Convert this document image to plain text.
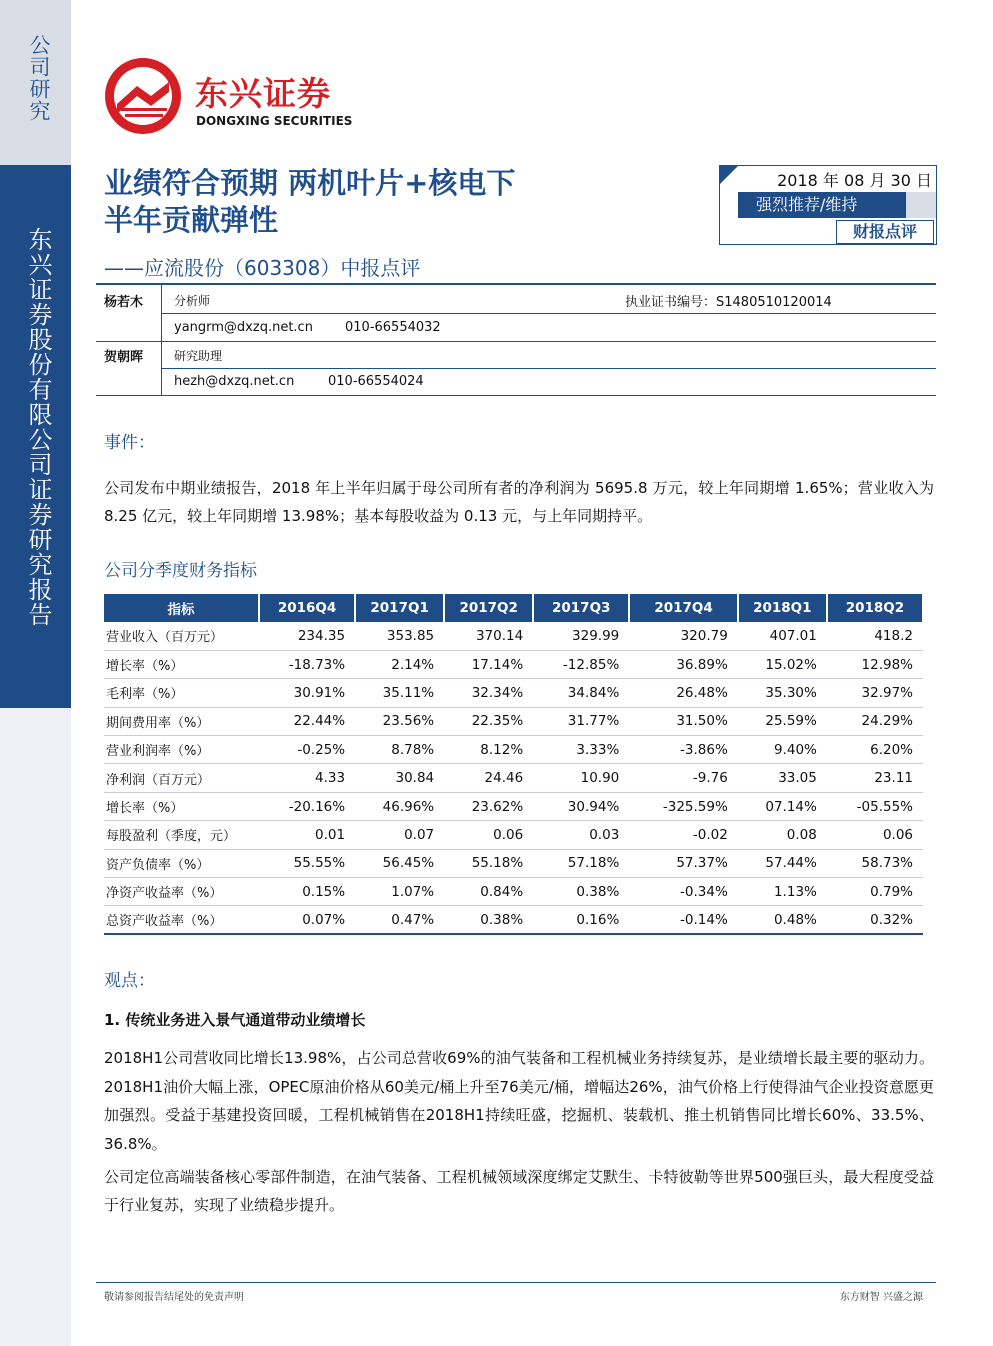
公司研究
东兴证券股份有限公司证券研究报告
东兴证券
DONGXING SECURITIES
业绩符合预期 两机叶片+核电下
半年贡献弹性
——应流股份（603308）中报点评
2018 年 08 月 30 日
强烈推荐/维持
财报点评
杨若木	分析师	执业证书编号：S1480510120014
yangrm@dxzq.net.cn 010-66554032
贺朝晖	研究助理
hezh@dxzq.net.cn	010-66554024
事件：
公司发布中期业绩报告，2018 年上半年归属于母公司所有者的净利润为 5695.8 万元，较上年同期增 1.65%；营业收入为 8.25 亿元，较上年同期增 13.98%；基本每股收益为 0.13 元，与上年同期持平。
公司分季度财务指标
指标	2016Q4	2017Q1	2017Q2	2017Q3	2017Q4	2018Q1	2018Q2
营业收入（百万元）	234.35	353.85	370.14	329.99	320.79	407.01	418.2
增长率（%）	-18.73%	2.14%	17.14%	-12.85%	36.89%	15.02%	12.98%
毛利率（%）	30.91%	35.11%	32.34%	34.84%	26.48%	35.30%	32.97%
期间费用率（%）	22.44%	23.56%	22.35%	31.77%	31.50%	25.59%	24.29%
营业利润率（%）	-0.25%	8.78%	8.12%	3.33%	-3.86%	9.40%	6.20%
净利润（百万元）	4.33	30.84	24.46	10.90	-9.76	33.05	23.11
增长率（%）	-20.16%	46.96%	23.62%	30.94%	-325.59%	07.14%	-05.55%
每股盈利（季度，元）	0.01	0.07	0.06	0.03	-0.02	0.08	0.06
资产负债率（%）	55.55%	56.45%	55.18%	57.18%	57.37%	57.44%	58.73%
净资产收益率（%）	0.15%	1.07%	0.84%	0.38%	-0.34%	1.13%	0.79%
总资产收益率（%）	0.07%	0.47%	0.38%	0.16%	-0.14%	0.48%	0.32%
观点：
1. 传统业务进入景气通道带动业绩增长
2018H1公司营收同比增长13.98%，占公司总营收69%的油气装备和工程机械业务持续复苏，是业绩增长最主要的驱动力。2018H1油价大幅上涨，OPEC原油价格从60美元/桶上升至76美元/桶，增幅达26%，油气价格上行使得油气企业投资意愿更加强烈。受益于基建投资回暖，工程机械销售在2018H1持续旺盛，挖掘机、装载机、推土机销售同比增长60%、33.5%、36.8%。
公司定位高端装备核心零部件制造，在油气装备、工程机械领域深度绑定艾默生、卡特彼勒等世界500强巨头，最大程度受益于行业复苏，实现了业绩稳步提升。
敬请参阅报告结尾处的免责声明	东方财智 兴盛之源
